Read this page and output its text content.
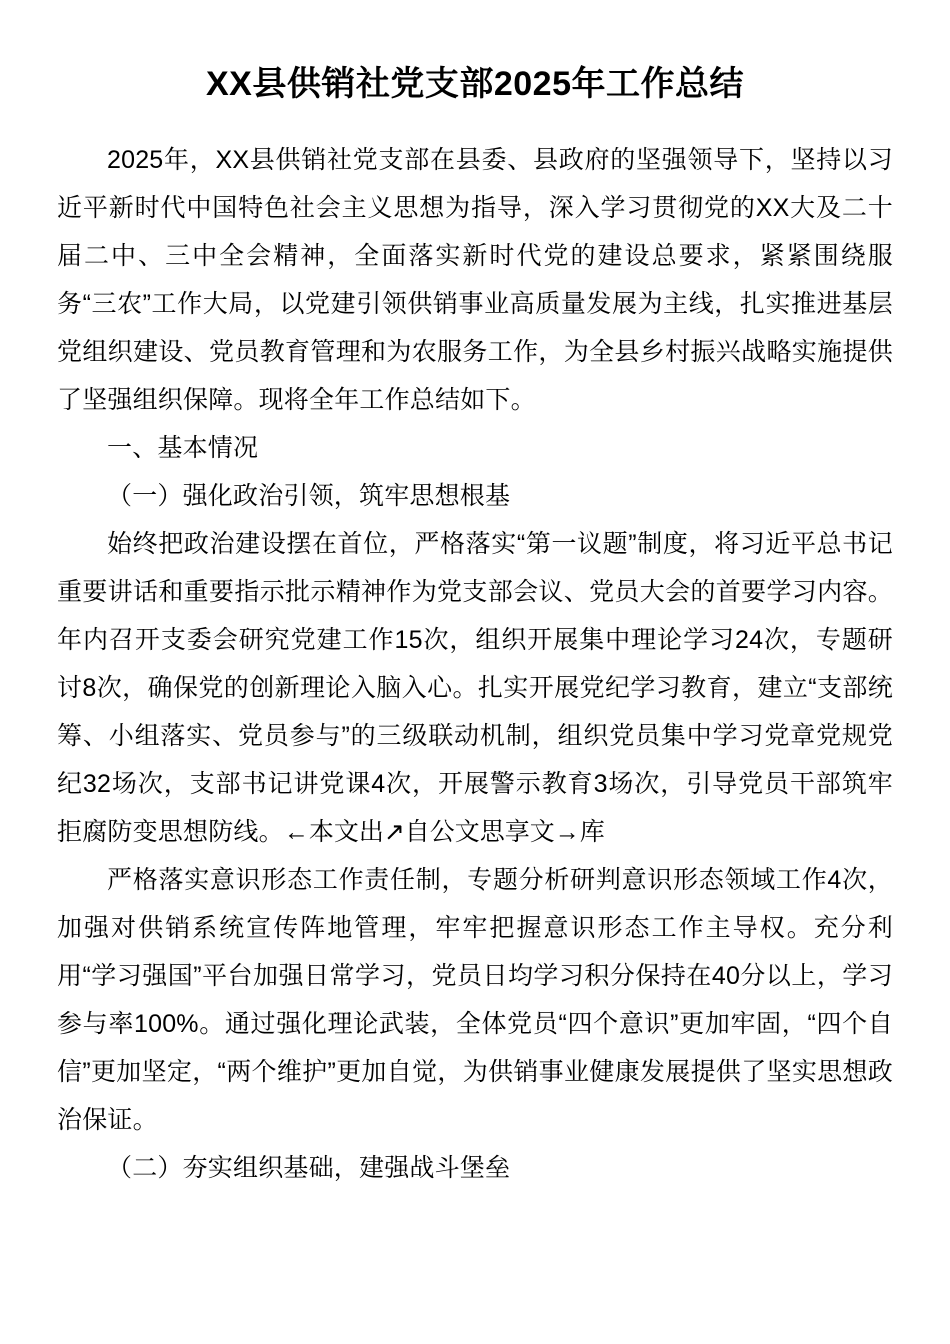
XX县供销社党支部2025年工作总结

2025年，XX县供销社党支部在县委、县政府的坚强领导下，坚持以习近平新时代中国特色社会主义思想为指导，深入学习贯彻党的XX大及二十届二中、三中全会精神，全面落实新时代党的建设总要求，紧紧围绕服务“三农”工作大局，以党建引领供销事业高质量发展为主线，扎实推进基层党组织建设、党员教育管理和为农服务工作，为全县乡村振兴战略实施提供了坚强组织保障。现将全年工作总结如下。

一、基本情况

（一）强化政治引领，筑牢思想根基

始终把政治建设摆在首位，严格落实“第一议题”制度，将习近平总书记重要讲话和重要指示批示精神作为党支部会议、党员大会的首要学习内容。年内召开支委会研究党建工作15次，组织开展集中理论学习24次，专题研讨8次，确保党的创新理论入脑入心。扎实开展党纪学习教育，建立“支部统筹、小组落实、党员参与”的三级联动机制，组织党员集中学习党章党规党纪32场次，支部书记讲党课4次，开展警示教育3场次，引导党员干部筑牢拒腐防变思想防线。←本文出↗自公文思享文→库

严格落实意识形态工作责任制，专题分析研判意识形态领域工作4次，加强对供销系统宣传阵地管理，牢牢把握意识形态工作主导权。充分利用“学习强国”平台加强日常学习，党员日均学习积分保持在40分以上，学习参与率100%。通过强化理论武装，全体党员“四个意识”更加牢固，“四个自信”更加坚定，“两个维护”更加自觉，为供销事业健康发展提供了坚实思想政治保证。

（二）夯实组织基础，建强战斗堡垒
